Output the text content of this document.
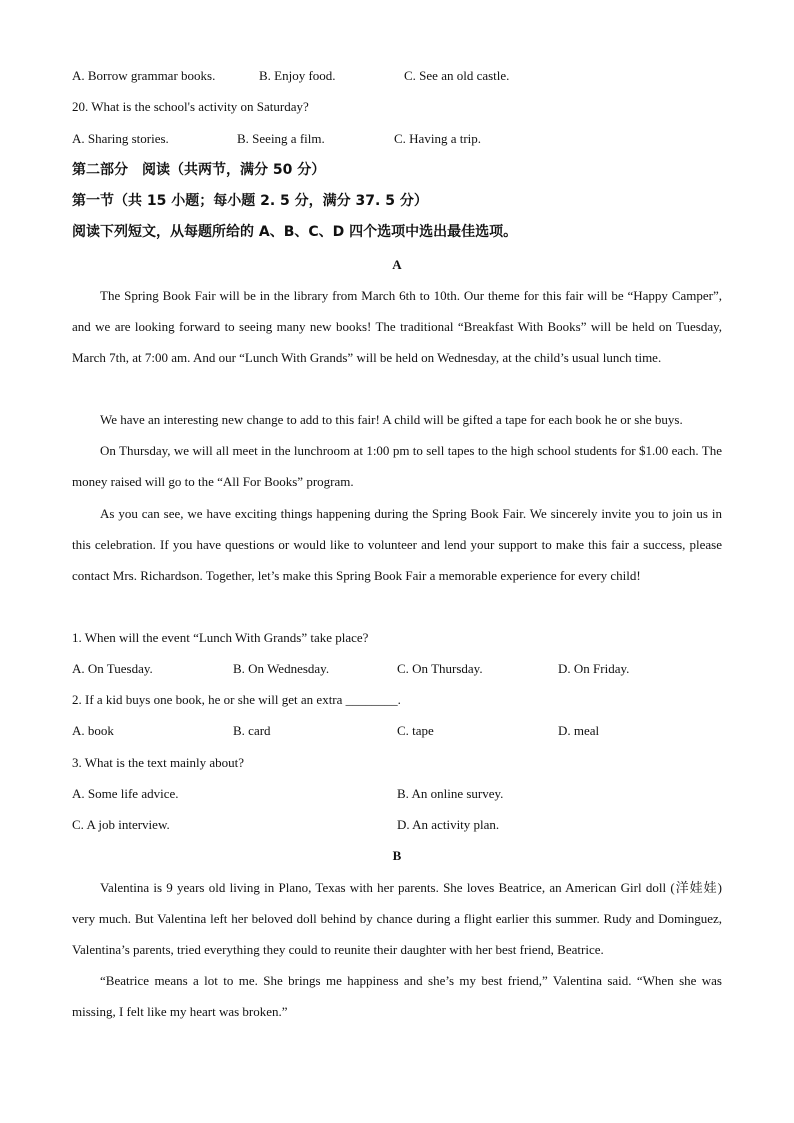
A. Borrow grammar books.	B. Enjoy food.	C. See an old castle.
20. What is the school's activity on Saturday?
A. Sharing stories.	B. Seeing a film.	C. Having a trip.
第二部分　阅读（共两节，满分 50 分）
第一节（共 15 小题；每小题 2. 5 分，满分 37. 5 分）
阅读下列短文，从每题所给的 A、B、C、D 四个选项中选出最佳选项。
A
The Spring Book Fair will be in the library from March 6th to 10th. Our theme for this fair will be “Happy Camper”, and we are looking forward to seeing many new books! The traditional “Breakfast With Books” will be held on Tuesday, March 7th, at 7:00 am. And our “Lunch With Grands” will be held on Wednesday, at the child’s usual lunch time.
We have an interesting new change to add to this fair! A child will be gifted a tape for each book he or she buys.
On Thursday, we will all meet in the lunchroom at 1:00 pm to sell tapes to the high school students for $1.00 each. The money raised will go to the “All For Books” program.
As you can see, we have exciting things happening during the Spring Book Fair. We sincerely invite you to join us in this celebration. If you have questions or would like to volunteer and lend your support to make this fair a success, please contact Mrs. Richardson. Together, let’s make this Spring Book Fair a memorable experience for every child!
1. When will the event “Lunch With Grands” take place?
A. On Tuesday.	B. On Wednesday.	C. On Thursday.	D. On Friday.
2. If a kid buys one book, he or she will get an extra ________.
A. book	B. card	C. tape	D. meal
3. What is the text mainly about?
A. Some life advice.	B. An online survey.
C. A job interview.	D. An activity plan.
B
Valentina is 9 years old living in Plano, Texas with her parents. She loves Beatrice, an American Girl doll (洋娃娃) very much. But Valentina left her beloved doll behind by chance during a flight earlier this summer. Rudy and Dominguez, Valentina’s parents, tried everything they could to reunite their daughter with her best friend, Beatrice.
“Beatrice means a lot to me. She brings me happiness and she’s my best friend,” Valentina said. “When she was missing, I felt like my heart was broken.”
